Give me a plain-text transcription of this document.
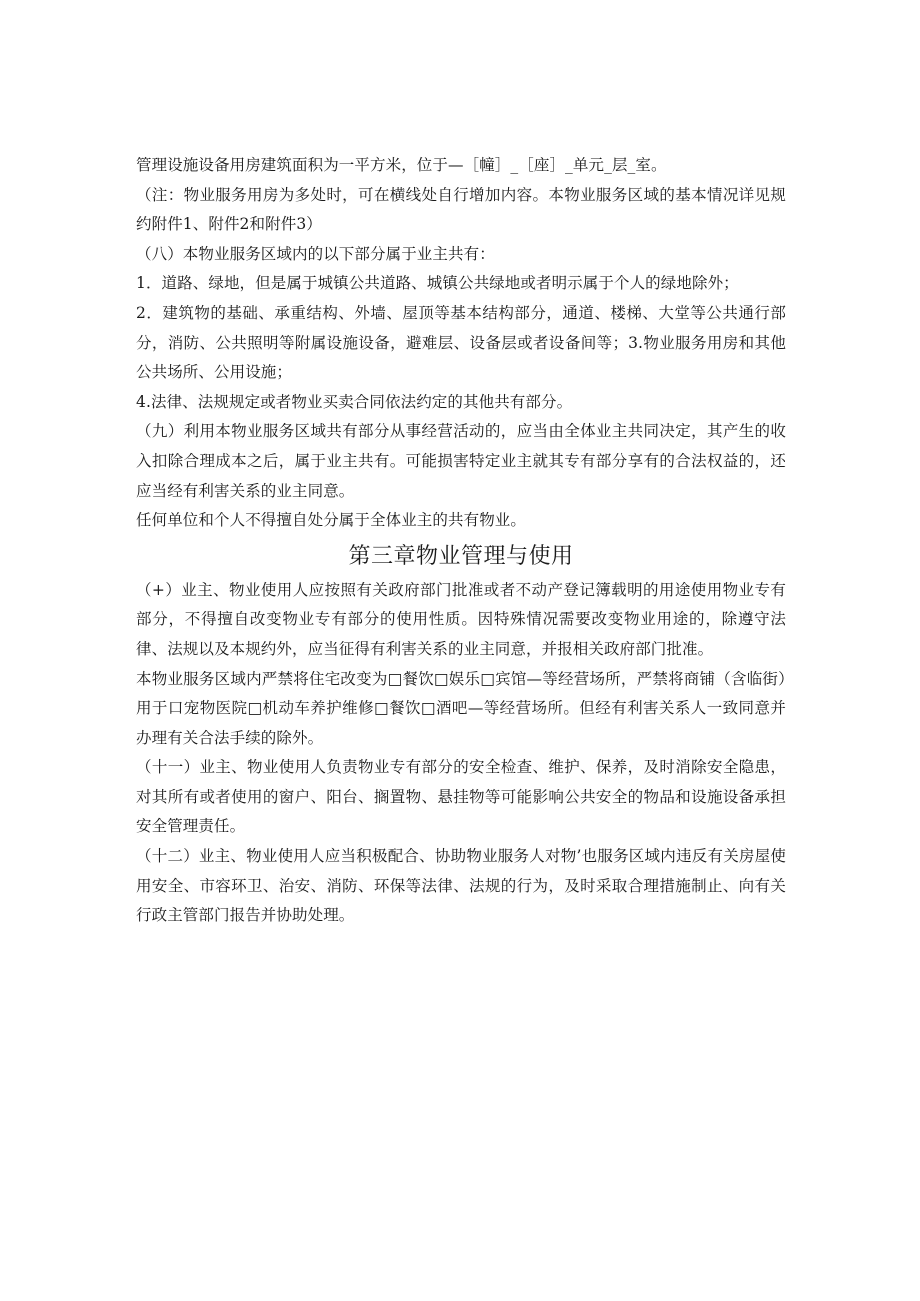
管理设施设备用房建筑面积为一平方米，位于—［幢］_［座］_单元_层_室。

（注：物业服务用房为多处时，可在横线处自行增加内容。本物业服务区域的基本情况详见规约附件1、附件2和附件3）

（八）本物业服务区域内的以下部分属于业主共有：

1．道路、绿地，但是属于城镇公共道路、城镇公共绿地或者明示属于个人的绿地除外；

2．建筑物的基础、承重结构、外墙、屋顶等基本结构部分，通道、楼梯、大堂等公共通行部分，消防、公共照明等附属设施设备，避难层、设备层或者设备间等；3.物业服务用房和其他公共场所、公用设施；

4.法律、法规规定或者物业买卖合同依法约定的其他共有部分。

（九）利用本物业服务区域共有部分从事经营活动的，应当由全体业主共同决定，其产生的收入扣除合理成本之后，属于业主共有。可能损害特定业主就其专有部分享有的合法权益的，还应当经有利害关系的业主同意。

任何单位和个人不得擅自处分属于全体业主的共有物业。

第三章物业管理与使用

（+）业主、物业使用人应按照有关政府部门批准或者不动产登记簿载明的用途使用物业专有部分，不得擅自改变物业专有部分的使用性质。因特殊情况需要改变物业用途的，除遵守法律、法规以及本规约外，应当征得有利害关系的业主同意，并报相关政府部门批准。

本物业服务区域内严禁将住宅改变为□餐饮□娱乐□宾馆—等经营场所，严禁将商铺（含临街）用于口宠物医院□机动车养护维修□餐饮□酒吧—等经营场所。但经有利害关系人一致同意并办理有关合法手续的除外。

（十一）业主、物业使用人负责物业专有部分的安全检查、维护、保养，及时消除安全隐患，对其所有或者使用的窗户、阳台、搁置物、悬挂物等可能影响公共安全的物品和设施设备承担安全管理责任。

（十二）业主、物业使用人应当积极配合、协助物业服务人对物’也服务区域内违反有关房屋使用安全、市容环卫、治安、消防、环保等法律、法规的行为，及时采取合理措施制止、向有关行政主管部门报告并协助处理。
